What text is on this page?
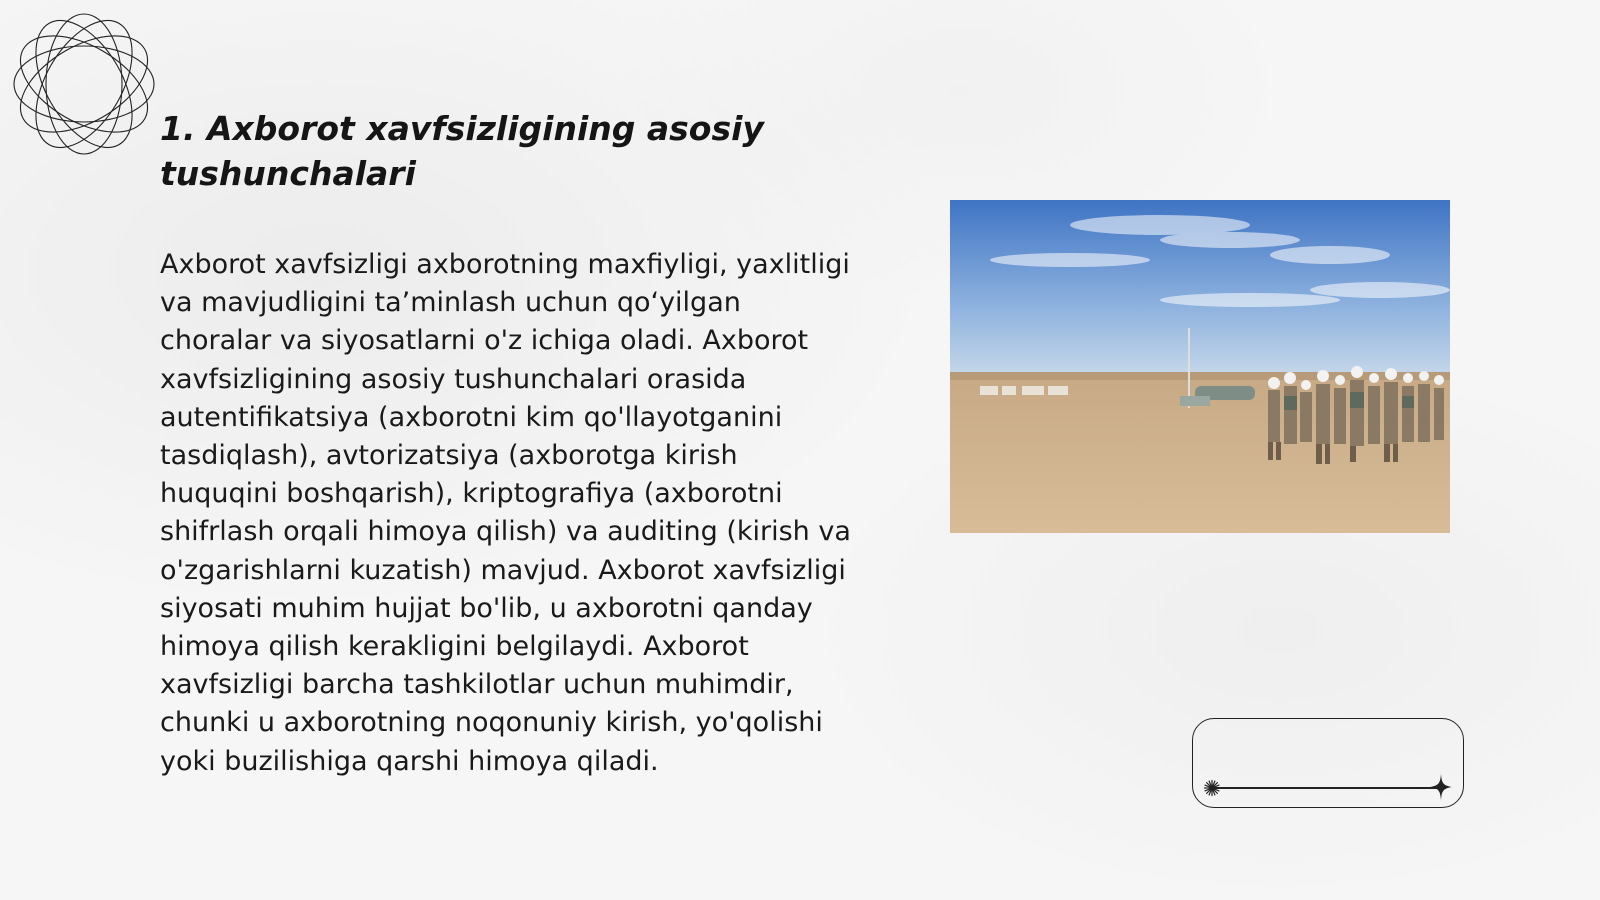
1. Axborot xavfsizligining asosiy tushunchalari

Axborot xavfsizligi axborotning maxfiyligi, yaxlitligi va mavjudligini ta’minlash uchun qo‘yilgan choralar va siyosatlarni o'z ichiga oladi. Axborot xavfsizligining asosiy tushunchalari orasida autentifikatsiya (axborotni kim qo'llayotganini tasdiqlash), avtorizatsiya (axborotga kirish huquqini boshqarish), kriptografiya (axborotni shifrlash orqali himoya qilish) va auditing (kirish va o'zgarishlarni kuzatish) mavjud. Axborot xavfsizligi siyosati muhim hujjat bo'lib, u axborotni qanday himoya qilish kerakligini belgilaydi. Axborot xavfsizligi barcha tashkilotlar uchun muhimdir, chunki u axborotning noqonuniy kirish, yo'qolishi yoki buzilishiga qarshi himoya qiladi.
